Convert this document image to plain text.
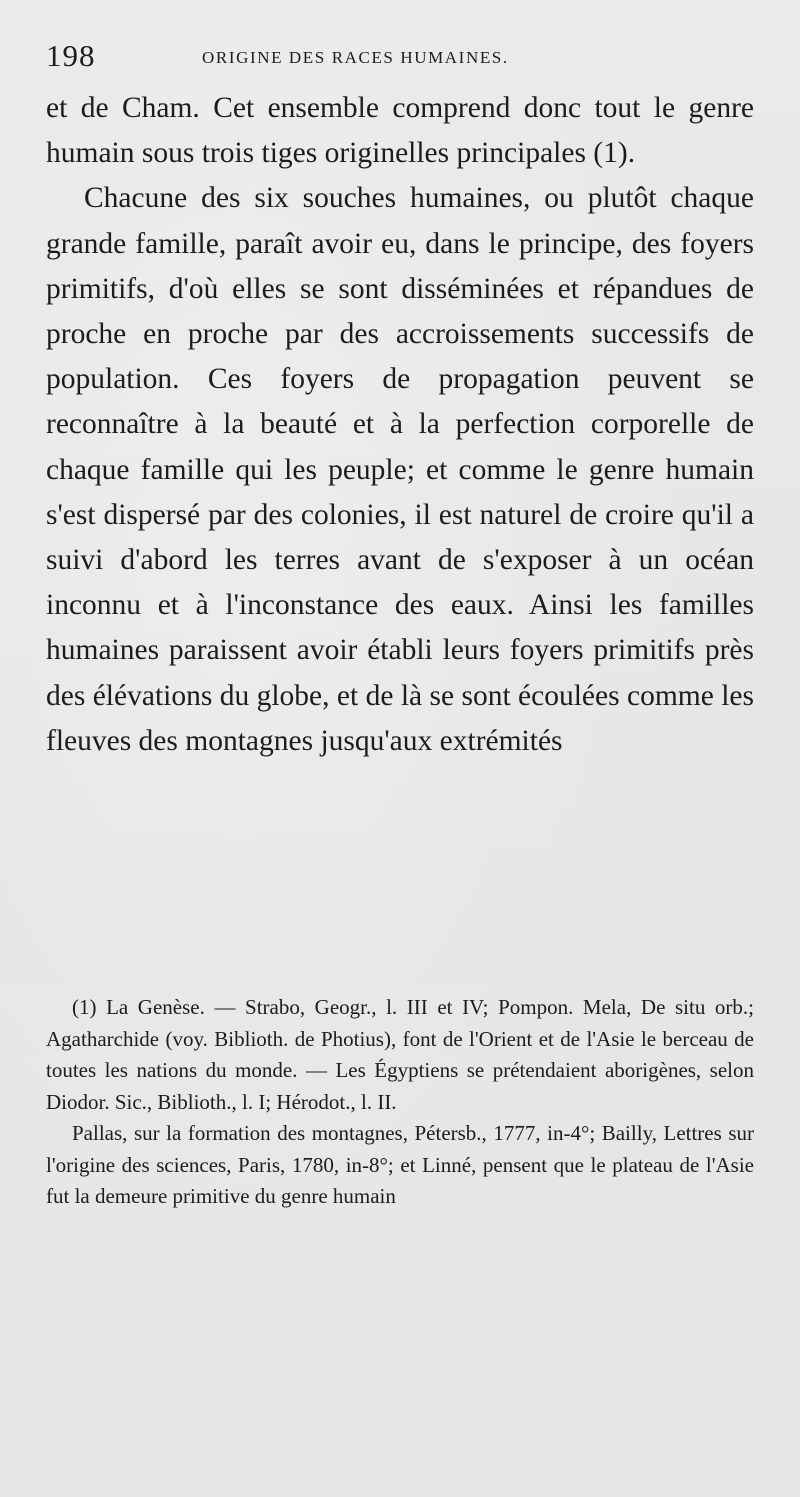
198	ORIGINE DES RACES HUMAINES.

et de Cham. Cet ensemble comprend donc tout le genre humain sous trois tiges originelles principales (1).

Chacune des six souches humaines, ou plutôt chaque grande famille, paraît avoir eu, dans le principe, des foyers primitifs, d'où elles se sont disséminées et répandues de proche en proche par des accroissements successifs de population. Ces foyers de propagation peuvent se reconnaître à la beauté et à la perfection corporelle de chaque famille qui les peuple; et comme le genre humain s'est dispersé par des colonies, il est naturel de croire qu'il a suivi d'abord les terres avant de s'exposer à un océan inconnu et à l'inconstance des eaux. Ainsi les familles humaines paraissent avoir établi leurs foyers primitifs près des élévations du globe, et de là se sont écoulées comme les fleuves des montagnes jusqu'aux extrémités

(1) La Genèse. — Strabo, Geogr., l. III et IV; Pompon. Mela, De situ orb.; Agatharchide (voy. Biblioth. de Photius), font de l'Orient et de l'Asie le berceau de toutes les nations du monde. — Les Égyptiens se prétendaient aborigènes, selon Diodor. Sic., Biblioth., l. I; Hérodot., l. II.

Pallas, sur la formation des montagnes, Pétersb., 1777, in-4°; Bailly, Lettres sur l'origine des sciences, Paris, 1780, in-8°; et Linné, pensent que le plateau de l'Asie fut la demeure primitive du genre humain
